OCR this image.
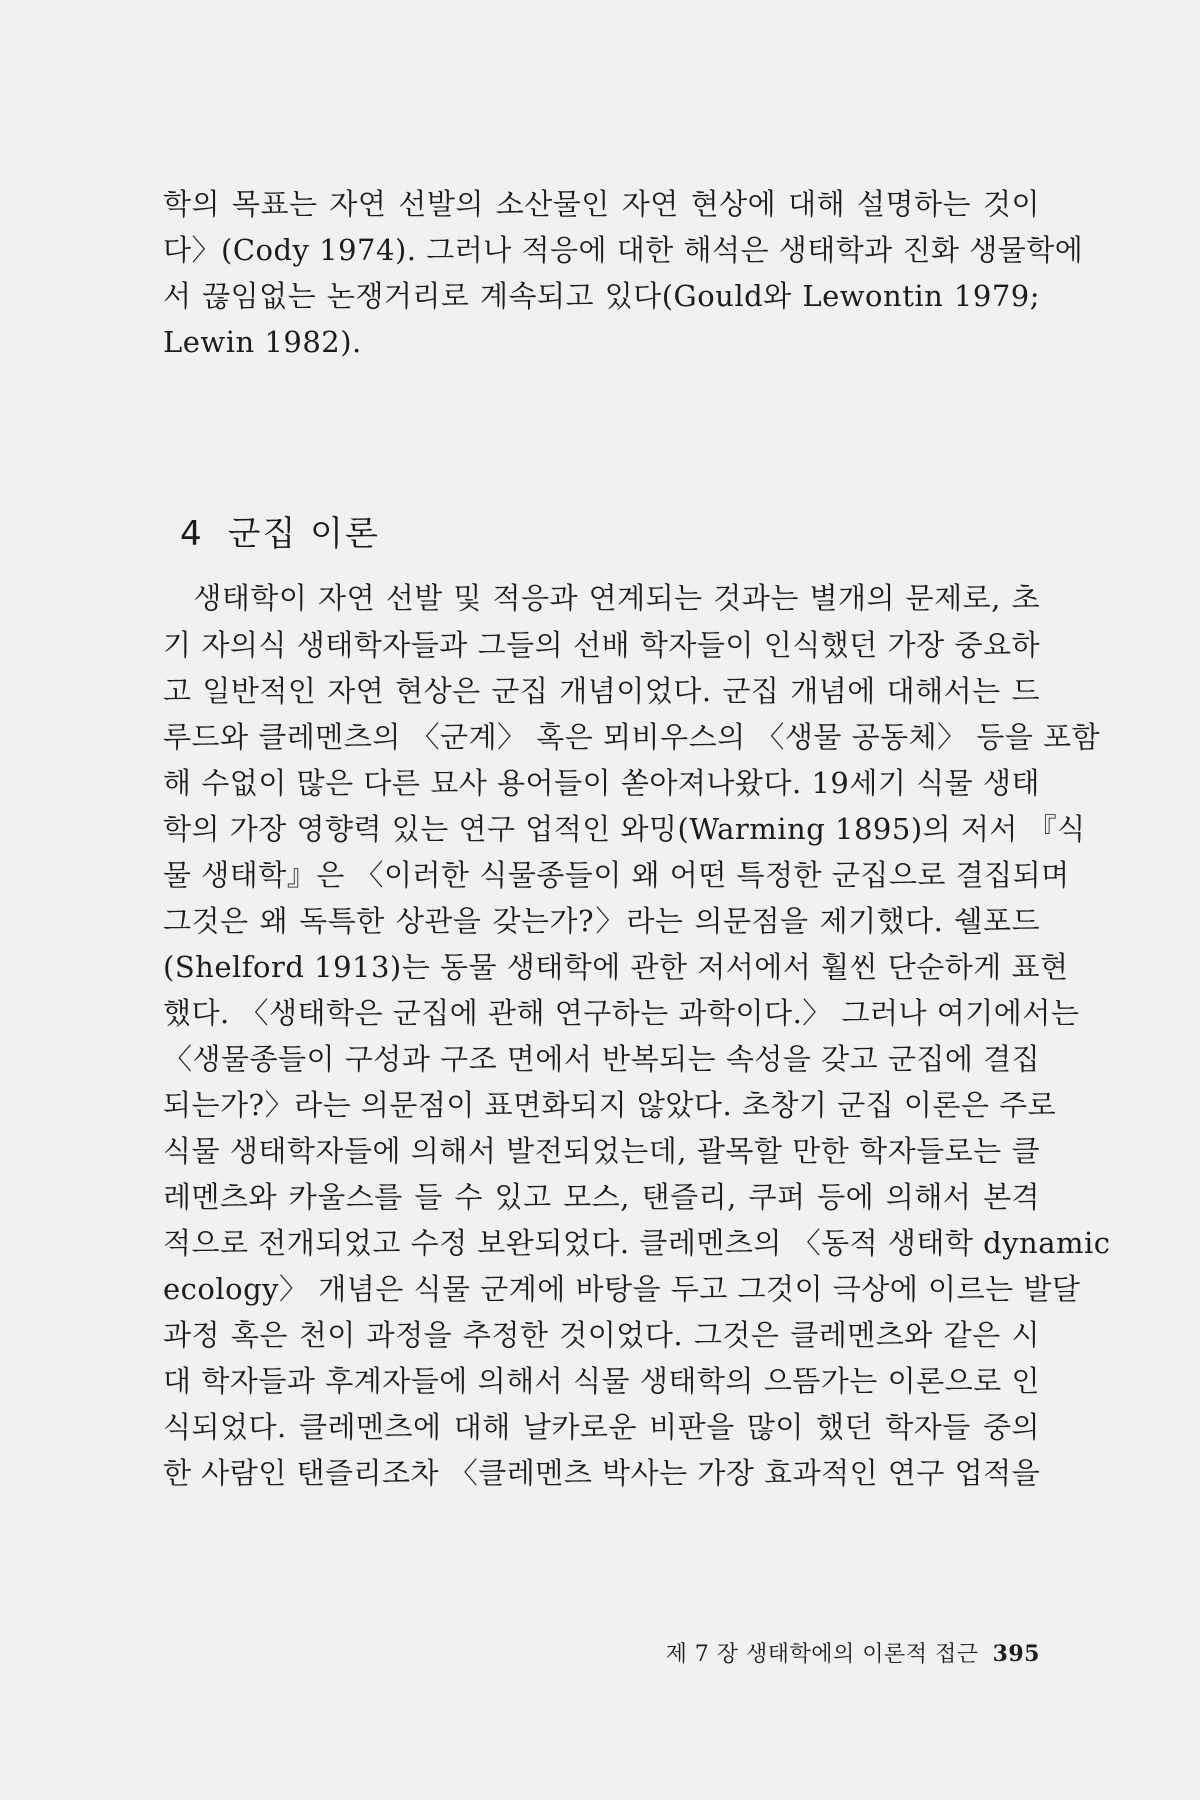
학의 목표는 자연 선발의 소산물인 자연 현상에 대해 설명하는 것이
다〉(Cody 1974). 그러나 적응에 대한 해석은 생태학과 진화 생물학에
서 끊임없는 논쟁거리로 계속되고 있다(Gould와 Lewontin 1979;
Lewin 1982).
4 군집 이론
　생태학이 자연 선발 및 적응과 연계되는 것과는 별개의 문제로, 초
기 자의식 생태학자들과 그들의 선배 학자들이 인식했던 가장 중요하
고 일반적인 자연 현상은 군집 개념이었다. 군집 개념에 대해서는 드
루드와 클레멘츠의 〈군계〉 혹은 뫼비우스의 〈생물 공동체〉 등을 포함
해 수없이 많은 다른 묘사 용어들이 쏟아져나왔다. 19세기 식물 생태
학의 가장 영향력 있는 연구 업적인 와밍(Warming 1895)의 저서 『식
물 생태학』은 〈이러한 식물종들이 왜 어떤 특정한 군집으로 결집되며
그것은 왜 독특한 상관을 갖는가?〉라는 의문점을 제기했다. 쉘포드
(Shelford 1913)는 동물 생태학에 관한 저서에서 훨씬 단순하게 표현
했다. 〈생태학은 군집에 관해 연구하는 과학이다.〉 그러나 여기에서는
〈생물종들이 구성과 구조 면에서 반복되는 속성을 갖고 군집에 결집
되는가?〉라는 의문점이 표면화되지 않았다. 초창기 군집 이론은 주로
식물 생태학자들에 의해서 발전되었는데, 괄목할 만한 학자들로는 클
레멘츠와 카울스를 들 수 있고 모스, 탠즐리, 쿠퍼 등에 의해서 본격
적으로 전개되었고 수정 보완되었다. 클레멘츠의 〈동적 생태학 dynamic
ecology〉 개념은 식물 군계에 바탕을 두고 그것이 극상에 이르는 발달
과정 혹은 천이 과정을 추정한 것이었다. 그것은 클레멘츠와 같은 시
대 학자들과 후계자들에 의해서 식물 생태학의 으뜸가는 이론으로 인
식되었다. 클레멘츠에 대해 날카로운 비판을 많이 했던 학자들 중의
한 사람인 탠즐리조차 〈클레멘츠 박사는 가장 효과적인 연구 업적을
제 7 장 생태학에의 이론적 접근 395
